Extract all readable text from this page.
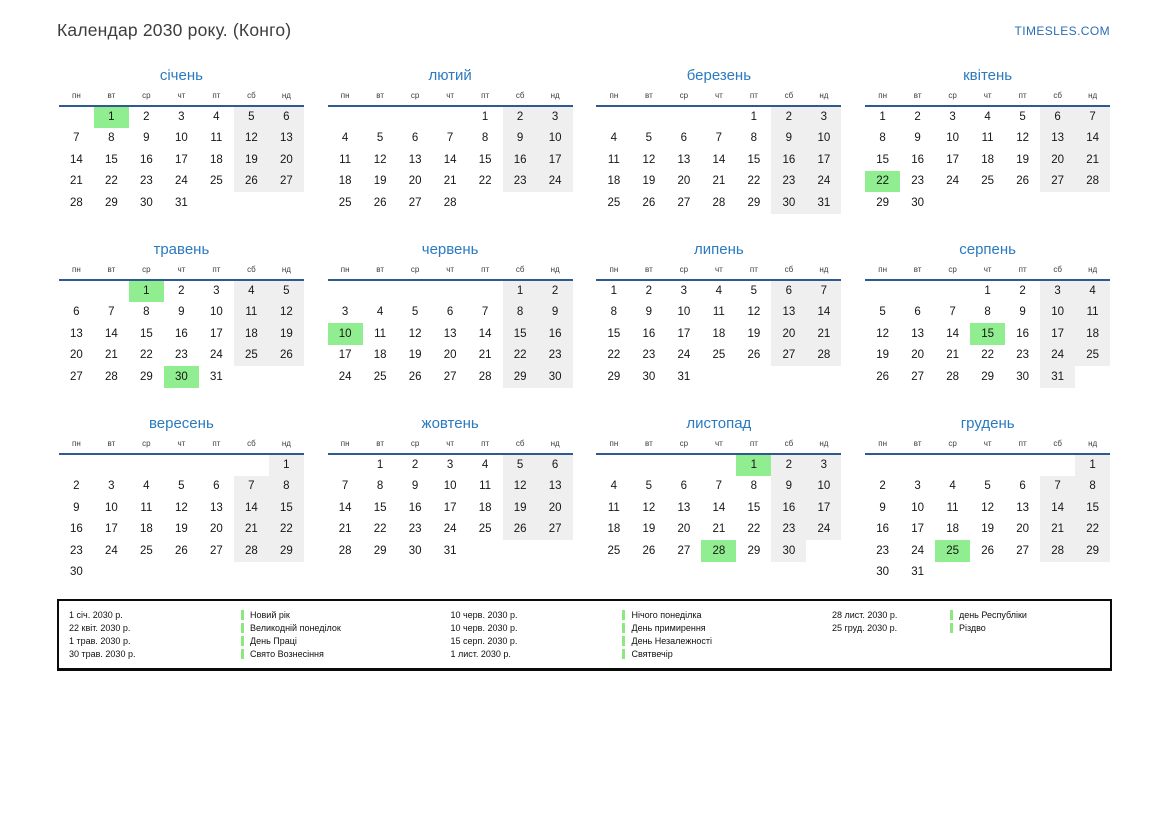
Календар 2030 року. (Конго)	TIMESLES.COM
січень
пн	вт	ср	чт	пт	сб	нд
	1	2	3	4	5	6
7	8	9	10	11	12	13
14	15	16	17	18	19	20
21	22	23	24	25	26	27
28	29	30	31			
лютий
пн	вт	ср	чт	пт	сб	нд
				1	2	3
4	5	6	7	8	9	10
11	12	13	14	15	16	17
18	19	20	21	22	23	24
25	26	27	28			
березень
пн	вт	ср	чт	пт	сб	нд
				1	2	3
4	5	6	7	8	9	10
11	12	13	14	15	16	17
18	19	20	21	22	23	24
25	26	27	28	29	30	31
квітень
пн	вт	ср	чт	пт	сб	нд
1	2	3	4	5	6	7
8	9	10	11	12	13	14
15	16	17	18	19	20	21
22	23	24	25	26	27	28
29	30					
травень
пн	вт	ср	чт	пт	сб	нд
		1	2	3	4	5
6	7	8	9	10	11	12
13	14	15	16	17	18	19
20	21	22	23	24	25	26
27	28	29	30	31		
червень
пн	вт	ср	чт	пт	сб	нд
					1	2
3	4	5	6	7	8	9
10	11	12	13	14	15	16
17	18	19	20	21	22	23
24	25	26	27	28	29	30
липень
пн	вт	ср	чт	пт	сб	нд
1	2	3	4	5	6	7
8	9	10	11	12	13	14
15	16	17	18	19	20	21
22	23	24	25	26	27	28
29	30	31				
серпень
пн	вт	ср	чт	пт	сб	нд
			1	2	3	4
5	6	7	8	9	10	11
12	13	14	15	16	17	18
19	20	21	22	23	24	25
26	27	28	29	30	31	
вересень
пн	вт	ср	чт	пт	сб	нд
						1
2	3	4	5	6	7	8
9	10	11	12	13	14	15
16	17	18	19	20	21	22
23	24	25	26	27	28	29
30						
жовтень
пн	вт	ср	чт	пт	сб	нд
	1	2	3	4	5	6
7	8	9	10	11	12	13
14	15	16	17	18	19	20
21	22	23	24	25	26	27
28	29	30	31			
листопад
пн	вт	ср	чт	пт	сб	нд
				1	2	3
4	5	6	7	8	9	10
11	12	13	14	15	16	17
18	19	20	21	22	23	24
25	26	27	28	29	30	
грудень
пн	вт	ср	чт	пт	сб	нд
						1
2	3	4	5	6	7	8
9	10	11	12	13	14	15
16	17	18	19	20	21	22
23	24	25	26	27	28	29
30	31					
1 січ. 2030 р.	Новий рік
22 квіт. 2030 р.	Великодній понеділок
1 трав. 2030 р.	День Праці
30 трав. 2030 р.	Свято Вознесіння
10 черв. 2030 р.	Нічого понеділка
10 черв. 2030 р.	День примирення
15 серп. 2030 р.	День Незалежності
1 лист. 2030 р.	Святвечір
28 лист. 2030 р.	день Республіки
25 груд. 2030 р.	Різдво
